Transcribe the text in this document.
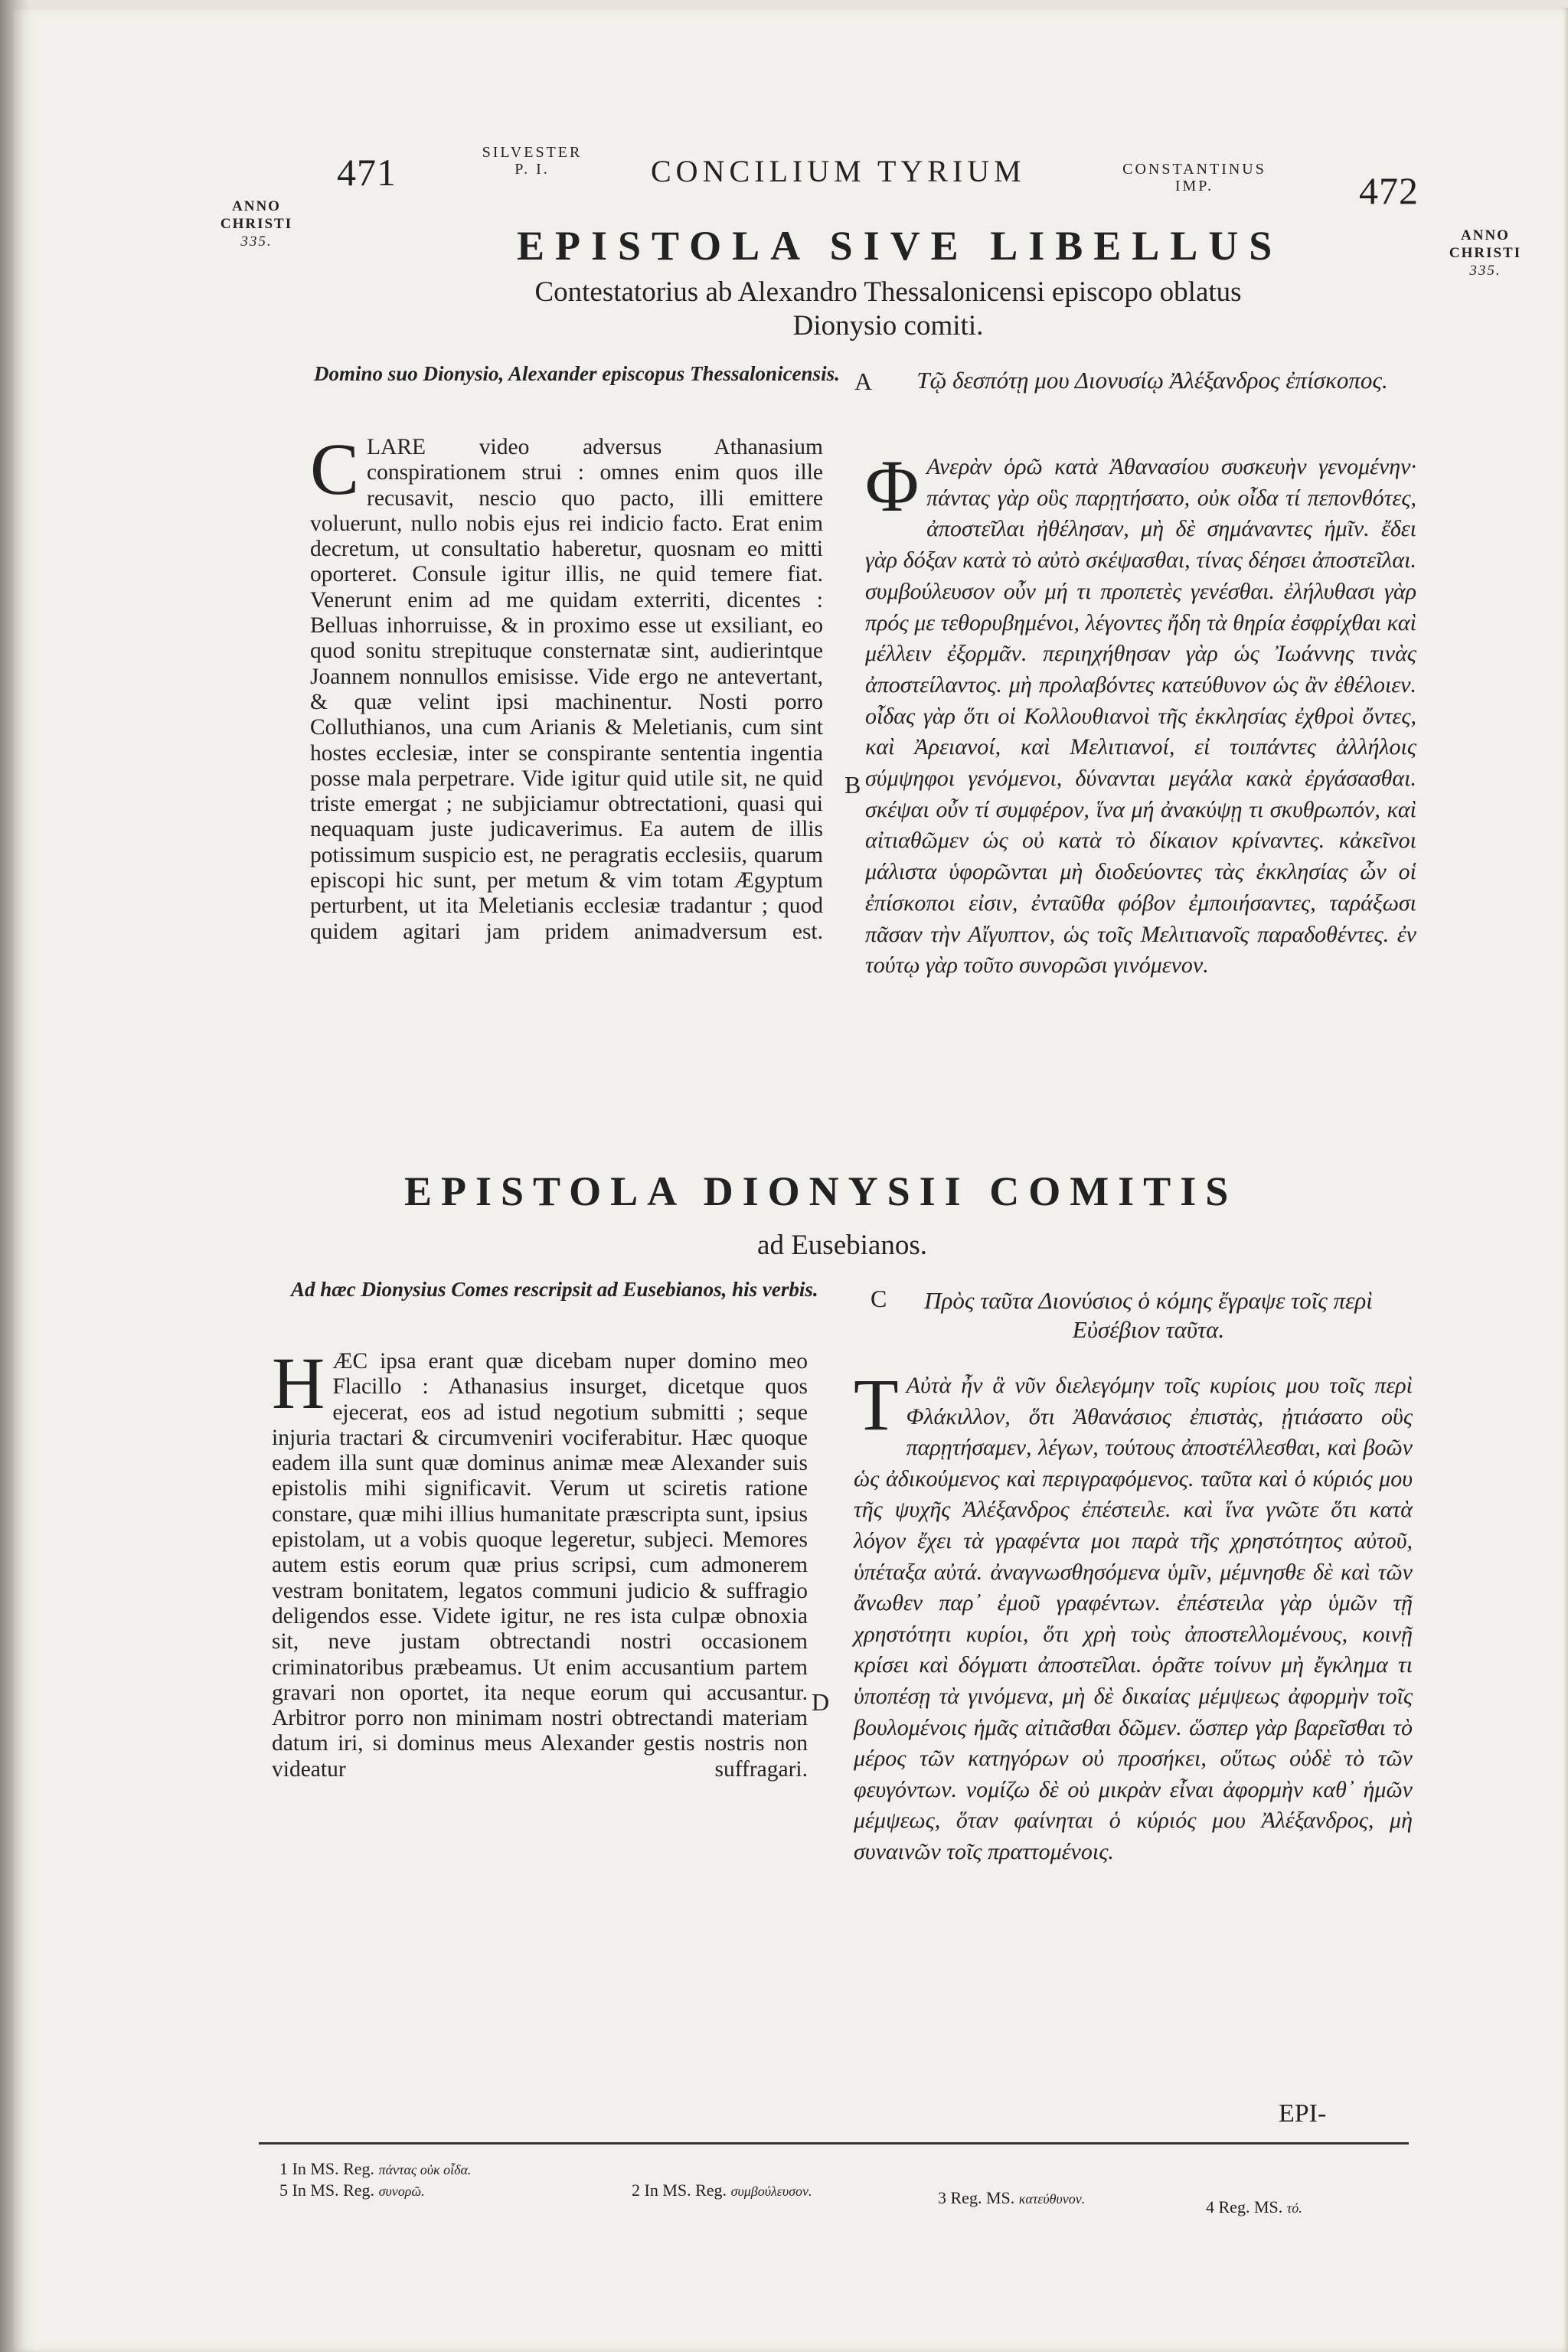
471	SILVESTER
P. I.	CONCILIUM TYRIUM	CONSTANTINUS
IMP.	472
ANNO
CHRISTI
335.	ANNO
CHRISTI
335.
EPISTOLA SIVE LIBELLUS
Contestatorius ab Alexandro Thessalonicensi episcopo oblatus
Dionysio comiti.
Domino suo Dionysio, Alexander episcopus Thessalonicensis.	Τῷ δεσπότῃ μου Διονυσίῳ Ἀλέξανδρος ἐπίσκοπος.
CLARE video adversus Athanasium conspirationem strui : omnes enim quos ille recusavit, nescio quo pacto, illi emittere voluerunt, nullo nobis ejus rei indicio facto. Erat enim decretum, ut consultatio haberetur, quosnam eo mitti oporteret. Consule igitur illis, ne quid temere fiat. Venerunt enim ad me quidam exterriti, dicentes : Belluas inhorruisse, & in proximo esse ut exsiliant, eo quod sonitu strepituque consternatæ sint, audierintque Joannem nonnullos emisisse. Vide ergo ne antevertant, & quæ velint ipsi machinentur. Nosti porro Colluthianos, una cum Arianis & Meletianis, cum sint hostes ecclesiæ, inter se conspirante sententia ingentia posse mala perpetrare. Vide igitur quid utile sit, ne quid triste emergat ; ne subjiciamur obtrectationi, quasi qui nequaquam juste judicaverimus. Ea autem de illis potissimum suspicio est, ne peragratis ecclesiis, quarum episcopi hic sunt, per metum & vim totam Ægyptum perturbent, ut ita Meletianis ecclesiæ tradantur ; quod quidem agitari jam pridem animadversum est.
Φ Ανερὰν ὁρῶ κατὰ Ἀθανασίου συσκευὴν γενομένην· πάντας γὰρ οὓς παρῃτήσατο, οὐκ οἶδα τί πεπονθότες, ἀποστεῖλαι ἠθέλησαν, μὴ δὲ σημάναντες ἡμῖν. ἔδει γὰρ δόξαν κατὰ τὸ αὐτὸ σκέψασθαι, τίνας δέησει ἀποστεῖλαι. συμβούλευσον οὖν μή τι προπετὲς γενέσθαι. ἐλήλυθασι γὰρ πρός με τεθορυβημένοι, λέγοντες ἤδη τὰ θηρία ἐσφρίχθαι καὶ μέλλειν ἐξορμᾶν. περιηχήθησαν γὰρ ὡς Ἰωάννης τινὰς ἀποστείλαντος. μὴ προλαβόντες κατεύθυνον ὡς ἂν ἐθέλοιεν. οἶδας γὰρ ὅτι οἱ Κολλουθιανοὶ τῆς ἐκκλησίας ἐχθροὶ ὄντες, καὶ Ἀρειανοί, καὶ Μελιτιανοί, εἰ τοιπάντες ἀλλήλοις σύμψηφοι γενόμενοι, δύνανται μεγάλα κακὰ ἐργάσασθαι. σκέψαι οὖν τί συμφέρον, ἵνα μή ἀνακύψῃ τι σκυθρωπόν, καὶ αἰτιαθῶμεν ὡς οὐ κατὰ τὸ δίκαιον κρίναντες. κἀκεῖνοι μάλιστα ὑφορῶνται μὴ διοδεύοντες τὰς ἐκκλησίας ὧν οἱ ἐπίσκοποι εἰσιν, ἐνταῦθα φόβον ἐμποιήσαντες, ταράξωσι πᾶσαν τὴν Αἴγυπτον, ὡς τοῖς Μελιτιανοῖς παραδοθέντες. ἐν τούτῳ γὰρ τοῦτο συνορῶσι γινόμενον.
A
B
C
D
EPISTOLA DIONYSII COMITIS
ad Eusebianos.
Ad hæc Dionysius Comes rescripsit ad Eusebianos, his verbis.	Πρὸς ταῦτα Διονύσιος ὁ κόμης ἔγραψε τοῖς περὶ Εὐσέβιον ταῦτα.
HÆC ipsa erant quæ dicebam nuper domino meo Flacillo : Athanasius insurget, dicetque quos ejecerat, eos ad istud negotium submitti ; seque injuria tractari & circumveniri vociferabitur. Hæc quoque eadem illa sunt quæ dominus animæ meæ Alexander suis epistolis mihi significavit. Verum ut sciretis ratione constare, quæ mihi illius humanitate præscripta sunt, ipsius epistolam, ut a vobis quoque legeretur, subjeci. Memores autem estis eorum quæ prius scripsi, cum admonerem vestram bonitatem, legatos communi judicio & suffragio deligendos esse. Videte igitur, ne res ista culpæ obnoxia sit, neve justam obtrectandi nostri occasionem criminatoribus præbeamus. Ut enim accusantium partem gravari non oportet, ita neque eorum qui accusantur. Arbitror porro non minimam nostri obtrectandi materiam datum iri, si dominus meus Alexander gestis nostris non videatur suffragari.
Τ Αὐτὰ ἦν ἃ νῦν διελεγόμην τοῖς κυρίοις μου τοῖς περὶ Φλάκιλλον, ὅτι Ἀθανάσιος ἐπιστὰς, ᾐτιάσατο οὓς παρῃτήσαμεν, λέγων, τούτους ἀποστέλλεσθαι, καὶ βοῶν ὡς ἀδικούμενος καὶ περιγραφόμενος. ταῦτα καὶ ὁ κύριός μου τῆς ψυχῆς Ἀλέξανδρος ἐπέστειλε. καὶ ἵνα γνῶτε ὅτι κατὰ λόγον ἔχει τὰ γραφέντα μοι παρὰ τῆς χρηστότητος αὐτοῦ, ὑπέταξα αὐτά. ἀναγνωσθησόμενα ὑμῖν, μέμνησθε δὲ καὶ τῶν ἄνωθεν παρ᾽ ἐμοῦ γραφέντων. ἐπέστειλα γὰρ ὑμῶν τῇ χρηστότητι κυρίοι, ὅτι χρὴ τοὺς ἀποστελλομένους, κοινῇ κρίσει καὶ δόγματι ἀποστεῖλαι. ὁρᾶτε τοίνυν μὴ ἔγκλημα τι ὑποπέσῃ τὰ γινόμενα, μὴ δὲ δικαίας μέμψεως ἀφορμὴν τοῖς βουλομένοις ἡμᾶς αἰτιᾶσθαι δῶμεν. ὥσπερ γὰρ βαρεῖσθαι τὸ μέρος τῶν κατηγόρων οὐ προσήκει, οὕτως οὐδὲ τὸ τῶν φευγόντων. νομίζω δὲ οὐ μικρὰν εἶναι ἀφορμὴν καθ᾽ ἡμῶν μέμψεως, ὅταν φαίνηται ὁ κύριός μου Ἀλέξανδρος, μὴ συναινῶν τοῖς πραττομένοις.
EPI-
1 In MS. Reg. πάντας οὐκ οἶδα.
2 In MS. Reg. συμβούλευσον.	3 Reg. MS. κατεύθυνον.	4 Reg. MS. τό.
5 In MS. Reg. συνορῶ.
